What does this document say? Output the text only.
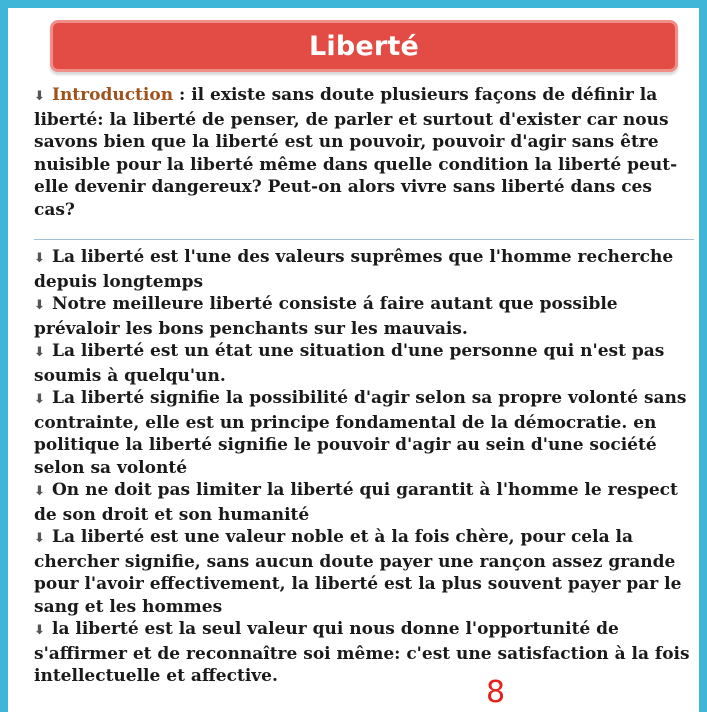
Liberté

⬇ Introduction : il existe sans doute plusieurs façons de définir la liberté: la liberté de penser, de parler et surtout d'exister car nous savons bien que la liberté est un pouvoir, pouvoir d'agir sans être nuisible pour la liberté même dans quelle condition la liberté peut-elle devenir dangereux? Peut-on alors vivre sans liberté dans ces cas?

⬇ La liberté est l'une des valeurs suprêmes que l'homme recherche depuis longtemps

⬇ Notre meilleure liberté consiste á faire autant que possible prévaloir les bons penchants sur les mauvais.

⬇ La liberté est un état une situation d'une personne qui n'est pas soumis à quelqu'un.

⬇ La liberté signifie la possibilité d'agir selon sa propre volonté sans contrainte, elle est un principe fondamental de la démocratie. en politique la liberté signifie le pouvoir d'agir au sein d'une société selon sa volonté

⬇ On ne doit pas limiter la liberté qui garantit à l'homme le respect de son droit et son humanité

⬇ La liberté est une valeur noble et à la fois chère, pour cela la chercher signifie, sans aucun doute payer une rançon assez grande pour l'avoir effectivement, la liberté est la plus souvent payer par le sang et les hommes

⬇ la liberté est la seul valeur qui nous donne l'opportunité de s'affirmer et de reconnaître soi même: c'est une satisfaction à la fois intellectuelle et affective.	8
